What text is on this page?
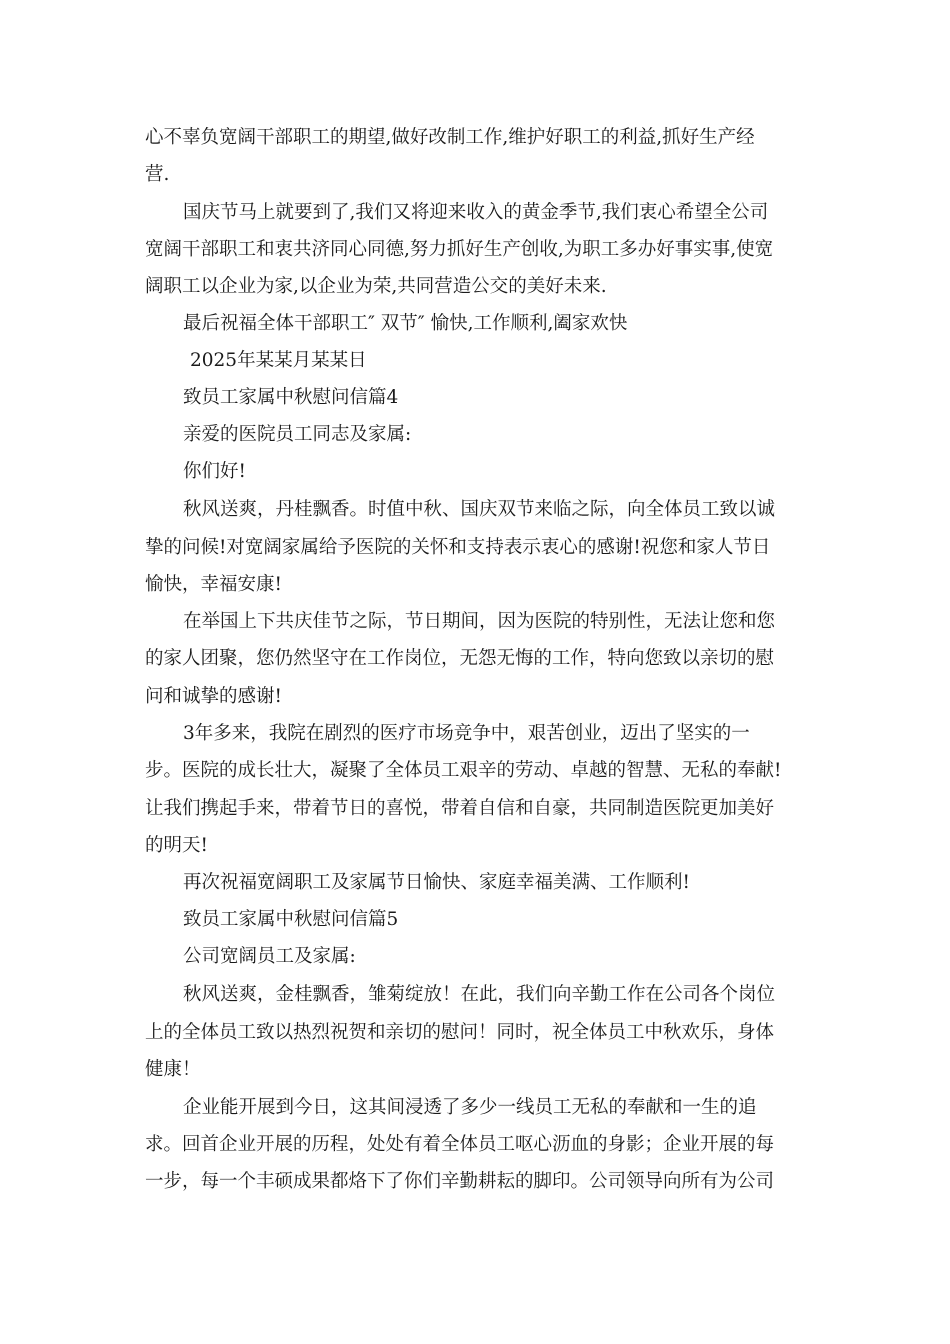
心不辜负宽阔干部职工的期望,做好改制工作,维护好职工的利益,抓好生产经
营.
国庆节马上就要到了,我们又将迎来收入的黄金季节,我们衷心希望全公司
宽阔干部职工和衷共济同心同德,努力抓好生产创收,为职工多办好事实事,使宽
阔职工以企业为家,以企业为荣,共同营造公交的美好未来.
最后祝福全体干部职工″ 双节″ 愉快,工作顺利,阖家欢快
2025年某某月某某日
致员工家属中秋慰问信篇4
亲爱的医院员工同志及家属:
你们好!
秋风送爽，丹桂飘香。时值中秋、国庆双节来临之际，向全体员工致以诚
挚的问候!对宽阔家属给予医院的关怀和支持表示衷心的感谢!祝您和家人节日
愉快，幸福安康!
在举国上下共庆佳节之际，节日期间，因为医院的特别性，无法让您和您
的家人团聚，您仍然坚守在工作岗位，无怨无悔的工作，特向您致以亲切的慰
问和诚挚的感谢!
3年多来，我院在剧烈的医疗市场竞争中，艰苦创业，迈出了坚实的一
步。医院的成长壮大，凝聚了全体员工艰辛的劳动、卓越的智慧、无私的奉献!
让我们携起手来，带着节日的喜悦，带着自信和自豪，共同制造医院更加美好
的明天!
再次祝福宽阔职工及家属节日愉快、家庭幸福美满、工作顺利!
致员工家属中秋慰问信篇5
公司宽阔员工及家属:
秋风送爽，金桂飘香，雏菊绽放！在此，我们向辛勤工作在公司各个岗位
上的全体员工致以热烈祝贺和亲切的慰问！同时，祝全体员工中秋欢乐，身体
健康！
企业能开展到今日，这其间浸透了多少一线员工无私的奉献和一生的追
求。回首企业开展的历程，处处有着全体员工呕心沥血的身影；企业开展的每
一步，每一个丰硕成果都烙下了你们辛勤耕耘的脚印。公司领导向所有为公司
